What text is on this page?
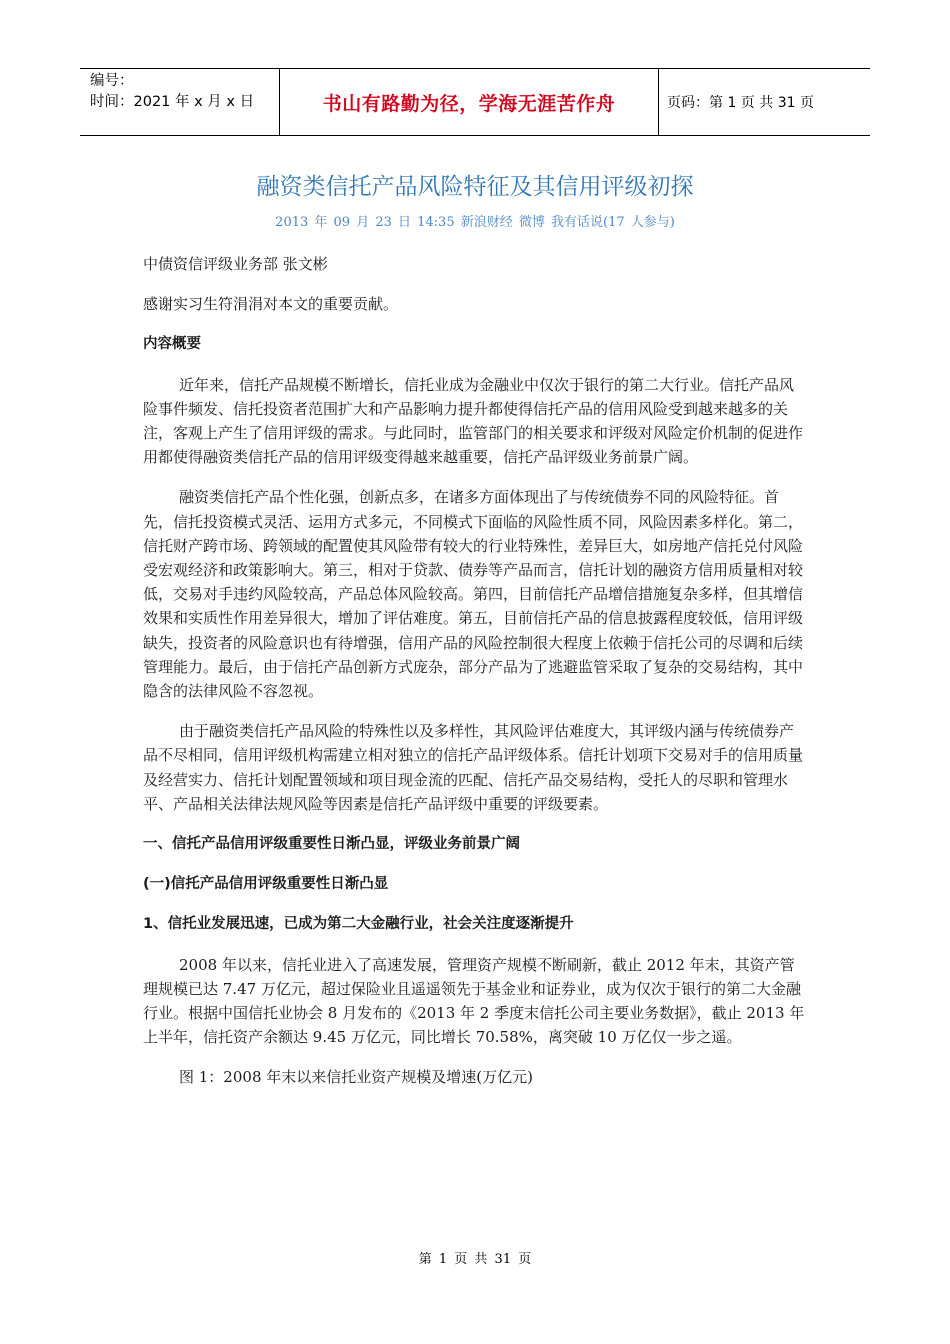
编号：
时间：2021 年 x 月 x 日	书山有路勤为径，学海无涯苦作舟	页码：第 1 页 共 31 页
融资类信托产品风险特征及其信用评级初探
2013 年 09 月 23 日 14:35 新浪财经 微博 我有话说(17 人参与)

中债资信评级业务部 张文彬

感谢实习生符涓涓对本文的重要贡献。

内容概要

近年来，信托产品规模不断增长，信托业成为金融业中仅次于银行的第二大行业。信托产品风险事件频发、信托投资者范围扩大和产品影响力提升都使得信托产品的信用风险受到越来越多的关注，客观上产生了信用评级的需求。与此同时，监管部门的相关要求和评级对风险定价机制的促进作用都使得融资类信托产品的信用评级变得越来越重要，信托产品评级业务前景广阔。

融资类信托产品个性化强，创新点多，在诸多方面体现出了与传统债券不同的风险特征。首先，信托投资模式灵活、运用方式多元，不同模式下面临的风险性质不同，风险因素多样化。第二，信托财产跨市场、跨领域的配置使其风险带有较大的行业特殊性，差异巨大，如房地产信托兑付风险受宏观经济和政策影响大。第三，相对于贷款、债券等产品而言，信托计划的融资方信用质量相对较低，交易对手违约风险较高，产品总体风险较高。第四，目前信托产品增信措施复杂多样，但其增信效果和实质性作用差异很大，增加了评估难度。第五，目前信托产品的信息披露程度较低，信用评级缺失，投资者的风险意识也有待增强，信用产品的风险控制很大程度上依赖于信托公司的尽调和后续管理能力。最后，由于信托产品创新方式庞杂，部分产品为了逃避监管采取了复杂的交易结构，其中隐含的法律风险不容忽视。

由于融资类信托产品风险的特殊性以及多样性，其风险评估难度大，其评级内涵与传统债券产品不尽相同，信用评级机构需建立相对独立的信托产品评级体系。信托计划项下交易对手的信用质量及经营实力、信托计划配置领域和项目现金流的匹配、信托产品交易结构，受托人的尽职和管理水平、产品相关法律法规风险等因素是信托产品评级中重要的评级要素。

一、信托产品信用评级重要性日渐凸显，评级业务前景广阔

(一)信托产品信用评级重要性日渐凸显

1、信托业发展迅速，已成为第二大金融行业，社会关注度逐渐提升

2008 年以来，信托业进入了高速发展，管理资产规模不断刷新，截止 2012 年末，其资产管理规模已达 7.47 万亿元，超过保险业且遥遥领先于基金业和证券业，成为仅次于银行的第二大金融行业。根据中国信托业协会 8 月发布的《2013 年 2 季度末信托公司主要业务数据》，截止 2013 年上半年，信托资产余额达 9.45 万亿元，同比增长 70.58%，离突破 10 万亿仅一步之遥。

图 1：2008 年末以来信托业资产规模及增速(万亿元)

第 1 页 共 31 页
